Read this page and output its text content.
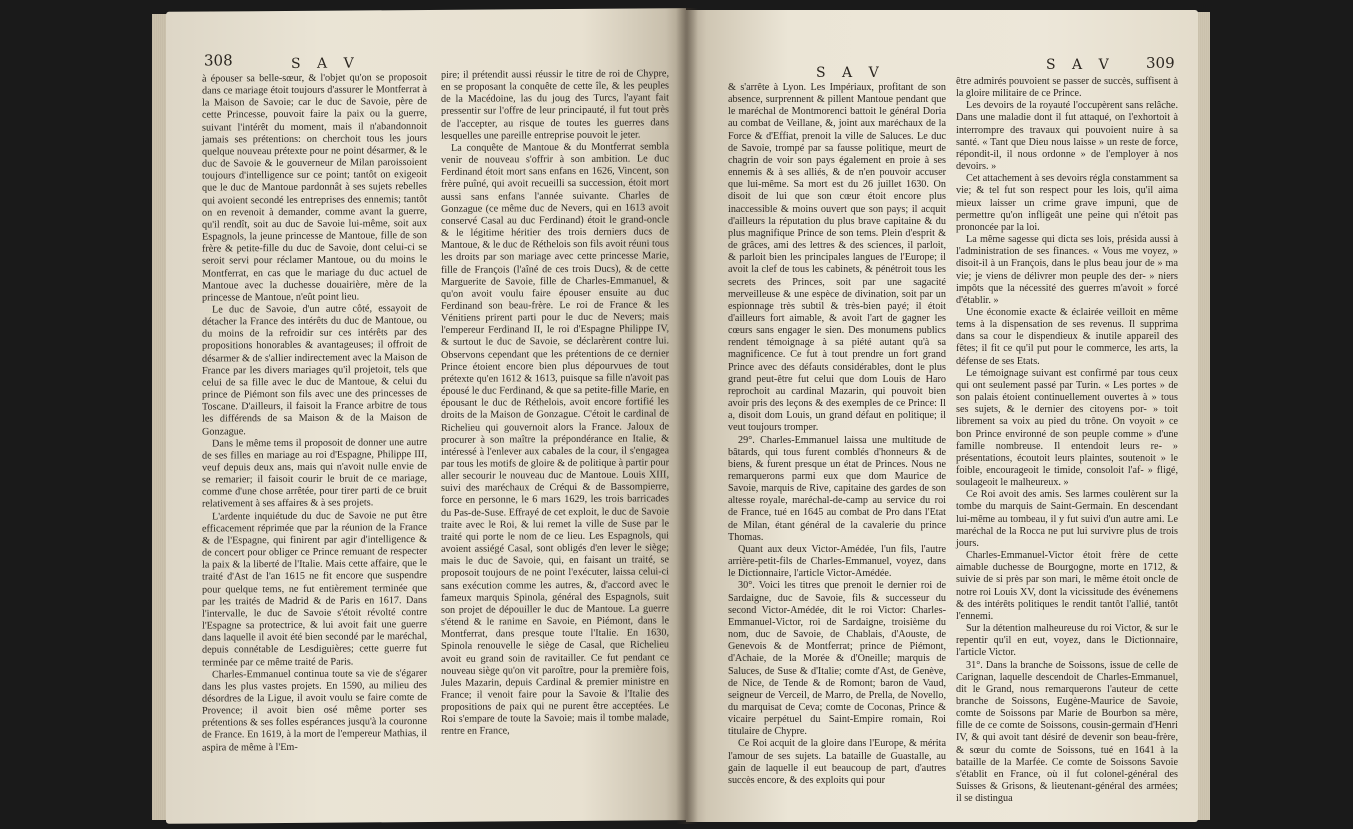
308	S A V

à épouser sa belle-sœur, & l'objet qu'on se proposoit dans ce mariage étoit toujours d'assurer le Montferrat à la Maison de Savoie; car le duc de Savoie, père de cette Princesse, pouvoit faire la paix ou la guerre, suivant l'intérêt du moment, mais il n'abandonnoit jamais ses prétentions: on cherchoit tous les jours quelque nouveau prétexte pour ne point désarmer, & le duc de Savoie & le gouverneur de Milan paroissoient toujours d'intelligence sur ce point; tantôt on exigeoit que le duc de Mantoue pardonnât à ses sujets rebelles qui avoient secondé les entreprises des ennemis; tantôt on en revenoit à demander, comme avant la guerre, qu'il rendît, soit au duc de Savoie lui-même, soit aux Espagnols, la jeune princesse de Mantoue, fille de son frère & petite-fille du duc de Savoie, dont celui-ci se seroit servi pour réclamer Mantoue, ou du moins le Montferrat, en cas que le mariage du duc actuel de Mantoue avec la duchesse douairière, mère de la princesse de Mantoue, n'eût point lieu.

Le duc de Savoie, d'un autre côté, essayoit de détacher la France des intérêts du duc de Mantoue, ou du moins de la refroidir sur ces intérêts par des propositions honorables & avantageuses; il offroit de désarmer & de s'allier indirectement avec la Maison de France par les divers mariages qu'il projetoit, tels que celui de sa fille avec le duc de Mantoue, & celui du prince de Piémont son fils avec une des princesses de Toscane. D'ailleurs, il faisoit la France arbitre de tous les différends de sa Maison & de la Maison de Gonzague.

Dans le même tems il proposoit de donner une autre de ses filles en mariage au roi d'Espagne, Philippe III, veuf depuis deux ans, mais qui n'avoit nulle envie de se remarier; il faisoit courir le bruit de ce mariage, comme d'une chose arrêtée, pour tirer parti de ce bruit relativement à ses affaires & à ses projets.

L'ardente inquiétude du duc de Savoie ne put être efficacement réprimée que par la réunion de la France & de l'Espagne, qui finirent par agir d'intelligence & de concert pour obliger ce Prince remuant de respecter la paix & la liberté de l'Italie. Mais cette affaire, que le traité d'Ast de l'an 1615 ne fit encore que suspendre pour quelque tems, ne fut entièrement terminée que par les traités de Madrid & de Paris en 1617. Dans l'intervalle, le duc de Savoie s'étoit révolté contre l'Espagne sa protectrice, & lui avoit fait une guerre dans laquelle il avoit été bien secondé par le maréchal, depuis connétable de Lesdiguières; cette guerre fut terminée par ce même traité de Paris.

Charles-Emmanuel continua toute sa vie de s'égarer dans les plus vastes projets. En 1590, au milieu des désordres de la Ligue, il avoit voulu se faire comte de Provence; il avoit bien osé même porter ses prétentions & ses folles espérances jusqu'à la couronne de France. En 1619, à la mort de l'empereur Mathias, il aspira de même à l'Em-

pire; il prétendit aussi réussir le titre de roi de Chypre, en se proposant la conquête de cette île, & les peuples de la Macédoine, las du joug des Turcs, l'ayant fait pressentir sur l'offre de leur principauté, il fut tout près de l'accepter, au risque de toutes les guerres dans lesquelles une pareille entreprise pouvoit le jeter.

La conquête de Mantoue & du Montferrat sembla venir de nouveau s'offrir à son ambition. Le duc Ferdinand étoit mort sans enfans en 1626, Vincent, son frère puîné, qui avoit recueilli sa succession, étoit mort aussi sans enfans l'année suivante. Charles de Gonzague (ce même duc de Nevers, qui en 1613 avoit conservé Casal au duc Ferdinand) étoit le grand-oncle & le légitime héritier des trois derniers ducs de Mantoue, & le duc de Réthelois son fils avoit réuni tous les droits par son mariage avec cette princesse Marie, fille de François (l'aîné de ces trois Ducs), & de cette Marguerite de Savoie, fille de Charles-Emmanuel, & qu'on avoit voulu faire épouser ensuite au duc Ferdinand son beau-frère. Le roi de France & les Vénitiens prirent parti pour le duc de Nevers; mais l'empereur Ferdinand II, le roi d'Espagne Philippe IV, & surtout le duc de Savoie, se déclarèrent contre lui. Observons cependant que les prétentions de ce dernier Prince étoient encore bien plus dépourvues de tout prétexte qu'en 1612 & 1613, puisque sa fille n'avoit pas épousé le duc Ferdinand, & que sa petite-fille Marie, en épousant le duc de Réthelois, avoit encore fortifié les droits de la Maison de Gonzague. C'étoit le cardinal de Richelieu qui gouvernoit alors la France. Jaloux de procurer à son maître la prépondérance en Italie, & intéressé à l'enlever aux cabales de la cour, il s'engagea par tous les motifs de gloire & de politique à partir pour aller secourir le nouveau duc de Mantoue. Louis XIII, suivi des maréchaux de Créqui & de Bassompierre, force en personne, le 6 mars 1629, les trois barricades du Pas-de-Suse. Effrayé de cet exploit, le duc de Savoie traite avec le Roi, & lui remet la ville de Suse par le traité qui porte le nom de ce lieu. Les Espagnols, qui avoient assiégé Casal, sont obligés d'en lever le siège; mais le duc de Savoie, qui, en faisant un traité, se proposoit toujours de ne point l'exécuter, laissa celui-ci sans exécution comme les autres, &, d'accord avec le fameux marquis Spinola, général des Espagnols, suit son projet de dépouiller le duc de Mantoue. La guerre s'étend & le ranime en Savoie, en Piémont, dans le Montferrat, dans presque toute l'Italie. En 1630, Spinola renouvelle le siège de Casal, que Richelieu avoit eu grand soin de ravitailler. Ce fut pendant ce nouveau siège qu'on vit paroître, pour la première fois, Jules Mazarin, depuis Cardinal & premier ministre en France; il venoit faire pour la Savoie & l'Italie des propositions de paix qui ne purent être acceptées. Le Roi s'empare de toute la Savoie; mais il tombe malade, rentre en France,

S A V	S A V 309

& s'arrête à Lyon. Les Impériaux, profitant de son absence, surprennent & pillent Mantoue pendant que le maréchal de Montmorenci battoit le général Doria au combat de Veillane, &, joint aux maréchaux de la Force & d'Effiat, prenoit la ville de Saluces. Le duc de Savoie, trompé par sa fausse politique, meurt de chagrin de voir son pays également en proie à ses ennemis & à ses alliés, & de n'en pouvoir accuser que lui-même. Sa mort est du 26 juillet 1630. On disoit de lui que son cœur étoit encore plus inaccessible & moins ouvert que son pays; il acquit d'ailleurs la réputation du plus brave capitaine & du plus magnifique Prince de son tems. Plein d'esprit & de grâces, ami des lettres & des sciences, il parloit, & parloit bien les principales langues de l'Europe; il avoit la clef de tous les cabinets, & pénétroit tous les secrets des Princes, soit par une sagacité merveilleuse & une espèce de divination, soit par un espionnage très subtil & très-bien payé; il étoit d'ailleurs fort aimable, & avoit l'art de gagner les cœurs sans engager le sien. Des monumens publics rendent témoignage à sa piété autant qu'à sa magnificence. Ce fut à tout prendre un fort grand Prince avec des défauts considérables, dont le plus grand peut-être fut celui que dom Louis de Haro reprochoit au cardinal Mazarin, qui pouvoit bien avoir pris des leçons & des exemples de ce Prince: Il a, disoit dom Louis, un grand défaut en politique; il veut toujours tromper.

29°. Charles-Emmanuel laissa une multitude de bâtards, qui tous furent comblés d'honneurs & de biens, & furent presque un état de Princes. Nous ne remarquerons parmi eux que dom Maurice de Savoie, marquis de Rive, capitaine des gardes de son altesse royale, maréchal-de-camp au service du roi de France, tué en 1645 au combat de Pro dans l'Etat de Milan, étant général de la cavalerie du prince Thomas.

Quant aux deux Victor-Amédée, l'un fils, l'autre arrière-petit-fils de Charles-Emmanuel, voyez, dans le Dictionnaire, l'article Victor-Amédée.

30°. Voici les titres que prenoit le dernier roi de Sardaigne, duc de Savoie, fils & successeur du second Victor-Amédée, dit le roi Victor: Charles-Emmanuel-Victor, roi de Sardaigne, troisième du nom, duc de Savoie, de Chablais, d'Aouste, de Genevois & de Montferrat; prince de Piémont, d'Achaie, de la Morée & d'Oneille; marquis de Saluces, de Suse & d'Italie; comte d'Ast, de Genève, de Nice, de Tende & de Romont; baron de Vaud, seigneur de Verceil, de Marro, de Prella, de Novello, du marquisat de Ceva; comte de Coconas, Prince & vicaire perpétuel du Saint-Empire romain, Roi titulaire de Chypre.

Ce Roi acquit de la gloire dans l'Europe, & mérita l'amour de ses sujets. La bataille de Guastalle, au gain de laquelle il eut beaucoup de part, d'autres succès encore, & des exploits qui pour

être admirés pouvoient se passer de succès, suffisent à la gloire militaire de ce Prince.

Les devoirs de la royauté l'occupèrent sans relâche. Dans une maladie dont il fut attaqué, on l'exhortoit à interrompre des travaux qui pouvoient nuire à sa santé. « Tant que Dieu nous laisse » un reste de force, répondit-il, il nous ordonne » de l'employer à nos devoirs. »

Cet attachement à ses devoirs régla constamment sa vie; & tel fut son respect pour les lois, qu'il aima mieux laisser un crime grave impuni, que de permettre qu'on infligeât une peine qui n'étoit pas prononcée par la loi.

La même sagesse qui dicta ses lois, présida aussi à l'administration de ses finances. « Vous me voyez, » disoit-il à un François, dans le plus beau jour de » ma vie; je viens de délivrer mon peuple des der- » niers impôts que la nécessité des guerres m'avoit » forcé d'établir. »

Une économie exacte & éclairée veilloit en même tems à la dispensation de ses revenus. Il supprima dans sa cour le dispendieux & inutile appareil des fêtes; il fit ce qu'il put pour le commerce, les arts, la défense de ses Etats.

Le témoignage suivant est confirmé par tous ceux qui ont seulement passé par Turin. « Les portes » de son palais étoient continuellement ouvertes à » tous ses sujets, & le dernier des citoyens por- » toit librement sa voix au pied du trône. On voyoit » ce bon Prince environné de son peuple comme » d'une famille nombreuse. Il entendoit leurs re- » présentations, écoutoit leurs plaintes, soutenoit » le foible, encourageoit le timide, consoloit l'af- » fligé, soulageoit le malheureux. »

Ce Roi avoit des amis. Ses larmes coulèrent sur la tombe du marquis de Saint-Germain. En descendant lui-même au tombeau, il y fut suivi d'un autre ami. Le maréchal de la Rocca ne put lui survivre plus de trois jours.

Charles-Emmanuel-Victor étoit frère de cette aimable duchesse de Bourgogne, morte en 1712, & suivie de si près par son mari, le même étoit oncle de notre roi Louis XV, dont la vicissitude des événemens & des intérêts politiques le rendit tantôt l'allié, tantôt l'ennemi.

Sur la détention malheureuse du roi Victor, & sur le repentir qu'il en eut, voyez, dans le Dictionnaire, l'article Victor.

31°. Dans la branche de Soissons, issue de celle de Carignan, laquelle descendoit de Charles-Emmanuel, dit le Grand, nous remarquerons l'auteur de cette branche de Soissons, Eugène-Maurice de Savoie, comte de Soissons par Marie de Bourbon sa mère, fille de ce comte de Soissons, cousin-germain d'Henri IV, & qui avoit tant désiré de devenir son beau-frère, & sœur du comte de Soissons, tué en 1641 à la bataille de la Marfée. Ce comte de Soissons Savoie s'établit en France, où il fut colonel-général des Suisses & Grisons, & lieutenant-général des armées; il se distingua
